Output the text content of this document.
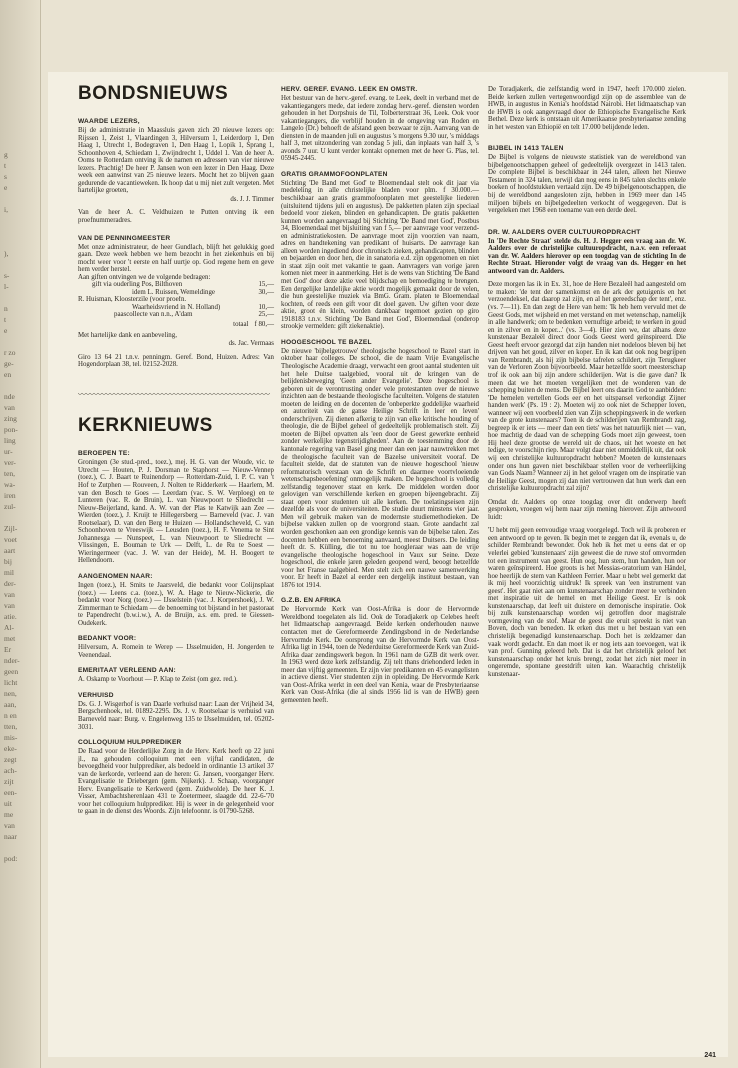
g
t
s
e
i,
),
s-
l-
n
t
e
r zo
ge-
en
nde
van
zing
pon-
ling
ur-
ver-
ten,
wa-
iren
zul-
Zijl-
voet
aart
bij
mil
der-
van
van
atie.
Al-
met
Er
nder-
geen
licht
nen,
aan,
n en
tten,
mis-
eke-
zegt
ach-
zijt
een-
uit
me
van
naar
pod:
BONDSNIEUWS
WAARDE LEZERS,

Bij de administratie in Maassluis gaven zich 20 nieuwe lezers op: Rijssen 1, Zeist 1, Vlaardingen 3, Hilversum 1, Leiderdorp 1, Den Haag 1, Utrecht 1, Bodegraven 1, Den Haag 1, Lopik 1, Sprang 1, Schoonhoven 4, Schiedam 1, Zwijndrecht 1, Uddel 1. Van de heer A. Ooms te Rotterdam ontving ik de namen en adressen van vier nieuwe lezers. Prachtig! De heer P. Jansen won een lezer in Den Haag. Deze week een aanwinst van 25 nieuwe lezers. Mocht het zo blijven gaan gedurende de vacantieweken. Ik hoop dat u mij niet zult vergeten. Met hartelijke groeten,

ds. J. J. Timmer

Van de heer A. C. Veldhuizen te Putten ontving ik een proefnummeradres.

VAN DE PENNINGMEESTER

Met onze administrateur, de heer Gundlach, blijft het gelukkig goed gaan. Deze week hebben we hem bezocht in het ziekenhuis en bij mocht weer voor 't eerste en half uurtje op. God regene hem en geve hem verder herstel.

Aan giften ontvingen we de volgende bedragen:

gift via ouderling Pos, Bilthoven	15,—
idem L. Ruissen, Wemeldinge	30,—
R. Huisman, Kloosterzile (voor proefn.
Waarheidsvriend in N. Holland)	10,—
paascollecte van n.n., A'dam	25,—
totaal f 80,—

Met hartelijke dank en aanbeveling,

ds. Jac. Vermaas

Giro 13 64 21 t.n.v. penningm. Geref. Bond, Huizen. Adres: Van Hogendorplaan 38, tel. 02152-2028.

〰〰〰〰〰〰〰〰〰〰〰〰〰〰〰〰〰〰〰〰〰〰〰〰
KERKNIEUWS
BEROEPEN TE:

Groningen (3e stud.-pred., toez.), mej. H. G. van der Woude, vic. te Utrecht — Houten, P. J. Dorsman te Staphorst — Nieuw-Vennep (toez.), C. J. Baart te Ruinendorp — Rotterdam-Zuid, I. P. C. van 't Hof te Zutphen — Rouveen, J. Nolten te Ridderkerk — Haarlem, M. van den Bosch te Goes — Leerdam (vac. S. W. Verploeg) en te Lunteren (vac. R. de Bruin), L. van Nieuwpoort te Sliedrecht — Nieuw-Beijerland, kand. A. W. van der Plas te Katwijk aan Zee — Wierden (toez.), J. Kruijt te Hillegersberg — Barneveld (vac. J. van Rootselaar), D. van den Berg te Huizen — Hollandscheveld, C. van Schoonhoven te Vreeswijk — Leusden (toez.), H. F. Venema te Sint Johannesga — Nunspeet, L. van Nieuwpoort te Sliedrecht — Vlissingen, E. Bouman te Urk — Delft, L. de Ru te Soest — Wieringermeer (vac. J. W. van der Heide), M. H. Boogert te Hellendoorn.

AANGENOMEN NAAR:

Ingen (toez.), H. Smits te Jaarsveld, die bedankt voor Colijnsplaat (toez.) — Leens c.a. (toez.), W. A. Hage te Nieuw-Nickerie, die bedankt voor Norg (toez.) — IJsselstein (vac. J. Korpershoek), J. W. Zimmerman te Schiedam — de benoeming tot bijstand in het pastoraat te Papendrecht (b.w.i.w.), A. de Bruijn, a.s. em. pred. te Giessen-Oudekerk.

BEDANKT VOOR:

Hilversum, A. Romein te Werep — IJsselmuiden, H. Jongerden te Veenendaal.

EMERITAAT VERLEEND AAN:

A. Oskamp te Voorhout — P. Klap te Zeist (om gez. red.).

VERHUISD

Ds. G. J. Wisgerhof is van Daarle verhuisd naar: Laan der Vrijheid 34, Bergschenhoek, tel. 01892-2295. Ds. J. v. Rootselaar is verhuisd van Barneveld naar: Burg. v. Engelenweg 135 te IJsselmuiden, tel. 05202-3031.

COLLOQUIUM HULPPREDIKER

De Raad voor de Herderlijke Zorg in de Herv. Kerk heeft op 22 juni jl., na gehouden colloquium met een vijftal candidaten, de bevoegdheid voor hulpprediker, als bedoeld in ordinantie 13 artikel 37 van de kerkorde, verleend aan de heren: G. Jansen, voorganger Herv. Evangelisatie te Driebergen (gem. Nijkerk). J. Schaap, voorganger Herv. Evangelisatie te Kerkwerd (gem. Zuidwolde). De heer K. J. Visser, Ambachtsherenlaan 431 te Zoetermeer, slaagde dd. 22-6-'70 voor het colloquium hulpprediker. Hij is weer in de gelegenheid voor te gaan in de dienst des Woords. Zijn telefoonnr. is 01790-5268.

HERV. GEREF. EVANG. LEEK EN OMSTR.

Het bestuur van de herv.-geref. evang. te Leek, deelt in verband met de vakantiegangers mede, dat iedere zondag herv.-geref. diensten worden gehouden in het Dorpshuis de Til, Tolberterstraat 36, Leek. Ook voor vakantiegangers, die verblijf houden in de omgeving van Roden en Langelo (Dr.) behoeft de afstand geen bezwaar te zijn. Aanvang van de diensten in de maanden juli en augustus 's morgens 9.30 uur, 's middags half 3, met uitzondering van zondag 5 juli, dan inplaats van half 3, 's avonds 7 uur. U kunt verder kontakt opnemen met de heer G. Plas, tel. 05945-2445.

GRATIS GRAMMOFOONPLATEN

Stichting 'De Band met God' te Bloemendaal stelt ook dit jaar via medeleling in alle christelijke bladen voor plm. f 30.000.— beschikbaar aan gratis grammofoonplaten met geestelijke liederen (uitsluitend tijdens juli en augustus). De pakketten platen zijn speciaal bedoeld voor zieken, blinden en gehandicapten. De gratis pakketten kunnen worden aangevraagd bij Stichting 'De Band met God', Postbus 34, Bloemendaal met bijsluiting van f 5,— per aanvrage voor verzend- en administratiekosten. De aanvrage moet zijn voorzien van naam, adres en handtekening van predikant of huisarts. De aanvrage kan alleen worden ingediend door chronisch zieken, gehandicapten, blinden en bejaarden en door hen, die in sanatoria e.d. zijn opgenomen en niet in staat zijn ooit met vakantie te gaan. Aanvragers van vorige jaren komen niet meer in aanmerking. Het is de wens van Stichting 'De Band met God' door deze aktie veel blijdschap en bemoediging te brengen. Een dergelijke landelijke aktie wordt mogelijk gemaakt door de velen, die hun geestelijke muziek via BmG. Gram. platen te Bloemendaal kochten, of reeds een gift voor dit doel gaven. Uw giften voor deze aktie, groot én klein, worden dankbaar tegemoet gezien op giro 1918183 t.n.v. Stichting 'De Band met God', Bloemendaal (onderop strookje vermelden: gift ziekenaktie).

HOOGESCHOOL TE BAZEL

De nieuwe 'bijbelgetrouwe' theologische hogeschool te Bazel start in oktober haar colleges. De school, die de naam Vrije Evangelische Theologische Academie draagt, verwacht een groot aantal studenten uit het hele Duitse taalgebied, vooral uit de kringen van de belijdenisbeweging 'Geen ander Evangelie'. Deze hogeschool is geboren uit de verontrusting onder vele protestanten over de nieuwe inzichten aan de bestaande theologische faculteiten. Volgens de statuten moeten de leiding en de docenten de 'onbeperkte goddelijke waarheid en autoriteit van de ganse Heilige Schrift in leer en leven' onderschrijven. Zij dienen afkerig te zijn van elke kritische houding of theologie, die de Bijbel geheel of gedeeltelijk problematisch stelt. Zij moeten de Bijbel opvatten als 'een door de Geest gewerkte eenheid zonder werkelijke tegenstrijdigheden'. Aan de toestemming door de kantonale regering van Basel ging meer dan een jaar nauwtrekken met de theologische faculteit van de Bazelse universiteit vooraf. De faculteit stelde, dat de statuten van de nieuwe hogeschool 'nieuw reformatorisch verstaan van de Schrift en daarmee voortvloeiende wetenschapsbeoefening' onmogelijk maken. De hogeschool is volledig zelfstandig tegenover staat en kerk. De middelen worden door gelovigen van verschillende kerken en groepen bijeengebracht. Zij staat open voor studenten uit alle kerken. De toelatingseisen zijn dezelfde als voor de universiteiten. De studie duurt minstens vier jaar. Men wil gebruik maken van de modernste studiemethodieken. De bijbelse vakken zullen op de voorgrond staan. Grote aandacht zal worden geschonken aan een grondige kennis van de bijbelse talen. Zes docenten hebben een benoeming aanvaard, meest Duitsers. De leiding heeft dr. S. Külling, die tot nu toe hoogleraar was aan de vrije evangelische theologische hogeschool in Vaux sur Seine. Deze hogeschool, die enkele jaren geleden geopend werd, beoogt hetzelfde voor het Franse taalgebied. Men stelt zich een nauwe samenwerking voor. Er heeft in Bazel al eerder een dergelijk instituut bestaan, van 1876 tot 1914.

G.Z.B. EN AFRIKA

De Hervormde Kerk van Oost-Afrika is door de Hervormde Wereldbond toegelaten als lid. Ook de Toradjakerk op Celebes heeft het lidmaatschap aangevraagd. Beide kerken onderhouden nauwe contacten met de Gereformeerde Zendingsbond in de Nederlandse Hervormde Kerk. De oorsprong van de Hervormde Kerk van Oost-Afrika ligt in 1944, toen de Nederduitse Gereformeerde Kerk van Zuid-Afrika daar zendingswerk begon. In 1961 nam de GZB dit werk over. In 1963 werd deze kerk zelfstandig. Zij telt thans driehonderd leden in meer dan vijftig gemeenten. Er zijn vier predikanten en 45 evangelisten in actieve dienst. Vier studenten zijn in opleiding. De Hervormde Kerk van Oost-Afrika werkt in een deel van Kenia, waar de Presbyteriaanse Kerk van Oost-Afrika (die al sinds 1956 lid is van de HWB) geen gemeenten heeft.

De Toradjakerk, die zelfstandig werd in 1947, heeft 170.000 zielen. Beide kerken zullen vertegenwoordigd zijn op de assemblee van de HWB, in augustus in Kenia's hoofdstad Nairobi. Het lidmaatschap van de HWB is ook aangevraagd door de Ethiopische Evangelische Kerk Bethel. Deze kerk is ontstaan uit Amerikaanse presbyteriaanse zending in het westen van Ethiopië en telt 17.000 belijdende leden.

BIJBEL IN 1413 TALEN

De Bijbel is volgens de nieuwste statistiek van de wereldbond van bijbelgenootschappen geheel of gedeeltelijk overgezet in 1413 talen. De complete Bijbel is beschikbaar in 244 talen, alleen het Nieuwe Testament in 324 talen, terwijl dan nog eens in 845 talen slechts enkele boeken of hoofdstukken vertaald zijn. De 49 bijbelgenootschappen, die bij de wereldbond aangesloten zijn, hebben in 1969 meer dan 145 miljoen bijbels en bijbelgedeelten verkocht of weggegeven. Dat is vergeleken met 1968 een toename van een derde deel.

DR. W. AALDERS OVER CULTUUROPDRACHT

In 'De Rechte Straat' stelde ds. H. J. Hegger een vraag aan dr. W. Aalders over de christelijke cultuuropdracht, n.a.v. een referaat van dr. W. Aalders hierover op een toogdag van de stichting In de Rechte Straat. Hieronder volgt de vraag van ds. Hegger en het antwoord van dr. Aalders.

Deze morgen las ik in Ex. 31, hoe de Here Bezaleël had aangesteld om te maken: 'de tent der samenkomst en de ark der getuigenis en het verzoendeksel, dat daarop zal zijn, en al het gereedschap der tent', enz. (vs. 7—11). En dan zegt de Here van hem: 'Ik heb hem vervuld met de Geest Gods, met wijsheid en met verstand en met wetenschap, namelijk in alle handwerk; om te bedenken vernuftige arbeid; te werken in goud en in zilver en in koper...' (vs. 3—4). Hier zien we, dat alhans deze kunstenaar Bezaleël direct door Gods Geest werd geïnspireerd. Die Geest heeft ervoor gezorgd dat zijn handen niet nodeloos bleven bij het drijven van het goud, zilver en koper. En ik kan dat ook nog begrijpen van Rembrandt, als hij zijn bijbelse tafrelen schildert, zijn Terugkeer van de Verloren Zoon bijvoorbeeld. Maar hetzelfde soort meesterschap trof ik ook aan bij zijn andere schilderijen. Wat is die gave dan? Ik meen dat we het moeten vergelijken met de wonderen van de schepping buiten de mens. De Bijbel leert ons daarin God te aanbidden: 'De hemelen vertellen Gods eer en het uitspansel verkondigt Zijner handen werk' (Ps. 19 : 2). Moeten wij zo ook niet de Schepper loven, wanneer wij een voorbeeld zien van Zijn scheppingswerk in de werken van de grote kunstenaars? Toen ik de schilderijen van Rembrandt zag, begreep ik er iets — meer dan een tiets' was het natuurlijk niet — van, hoe machtig de daad van de schepping Gods moet zijn geweest, toen Hij heel deze grootse de wereld uit de chaos, uit het woeste en het ledige, te voorschijn riep. Maar volgt daar niet onmiddellijk uit, dat ook wij een christelijke kultuuropdracht hebben? Moeten de kunstenaars onder ons hun gaven niet beschikbaar stellen voor de verheerlijking van Gods Naam? Wanneer zij in het geloof vragen om de inspiratie van de Heilige Geest, mogen zij dan niet vertrouwen dat hun werk dan een christelijke kultuuropdracht zal zijn?

Omdat dr. Aalders op onze toogdag over dit onderwerp heeft gesproken, vroegen wij hem naar zijn mening hierover. Zijn antwoord luidt:

'U hebt mij geen eenvoudige vraag voorgelegd. Toch wil ik proberen er een antwoord op te geven. Ik begin met te zeggen dat ik, evenals u, de schilder Rembrandt bewonder. Ook heb ik het met u eens dat er op velerlei gebied 'kunstenaars' zijn geweest die de ruwe stof omvormden tot een instrument van geest. Hun oog, hun stem, hun handen, hun oor waren geïnspireerd. Hoe groots is het Messias-oratorium van Händel, hoe heerlijk de stem van Kathleen Ferrier. Maar u hebt wel gemerkt dat ik mij heel voorzichtig uitdruk! Ik spreek van 'een instrument van geest'. Het gaat niet aan om kunstenaarschap zonder meer te verbinden met inspiratie uit de hemel en met Heilige Geest. Er is ook kunstenaarschap, dat leeft uit duistere en demonische inspiratie. Ook bij zulk kunstenaarschap worden wij getroffen door magistrale vormgeving van de stof. Maar de geest die eruit spreekt is niet van Boven, doch van beneden. Ik erken dus met u het bestaan van een christelijk begenadigd kunstenaarschap. Doch het is zeldzamer dan vaak wordt gedacht. En dan moet ik er nog iets aan toevoegen, wat ik van prof. Gunning geleerd heb. Dat is dat het christelijk geloof het kunstenaarschap onder het kruis brengt, zodat het zich niet meer in ongeremde, spontane geestdrift uiten kan. Waarachtig christelijk kunstenaar-

241
